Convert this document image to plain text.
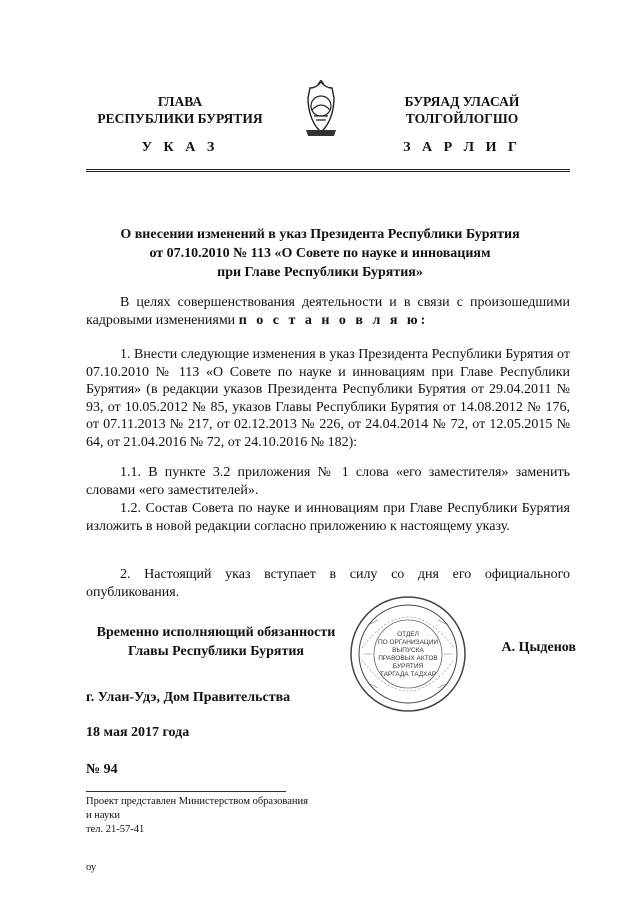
ГЛАВА
РЕСПУБЛИКИ БУРЯТИЯ
БУРЯАД УЛАСАЙ
ТОЛГОЙЛОГШО
У К А З	З А Р Л И Г
О внесении изменений в указ Президента Республики Бурятия
от 07.10.2010 № 113 «О Совете по науке и инновациям
при Главе Республики Бурятия»

В целях совершенствования деятельности и в связи с произошедшими кадровыми изменениями п о с т а н о в л я ю:

1. Внести следующие изменения в указ Президента Республики Бурятия от 07.10.2010 № 113 «О Совете по науке и инновациям при Главе Республики Бурятия» (в редакции указов Президента Республики Бурятия от 29.04.2011 № 93, от 10.05.2012 № 85, указов Главы Республики Бурятия от 14.08.2012 № 176, от 07.11.2013 № 217, от 02.12.2013 № 226, от 24.04.2014 № 72, от 12.05.2015 № 64, от 21.04.2016 № 72, от 24.10.2016 № 182):

1.1. В пункте 3.2 приложения № 1 слова «его заместителя» заменить словами «его заместителей».

1.2. Состав Совета по науке и инновациям при Главе Республики Бурятия изложить в новой редакции согласно приложению к настоящему указу.

2. Настоящий указ вступает в силу со дня его официального опубликования.

Временно исполняющий обязанности
Главы Республики Бурятия
ОТДЕЛ
ПО ОРГАНИЗАЦИИ
ВЫПУСКА
ПРАВОВЫХ АКТОВ
БУРЯТИЯ
ТАРГАДА ТАДХАР
А. Цыденов
г. Улан-Удэ, Дом Правительства
18 мая 2017 года
№ 94
Проект представлен Министерством образования
и науки
тел. 21-57-41
оу
